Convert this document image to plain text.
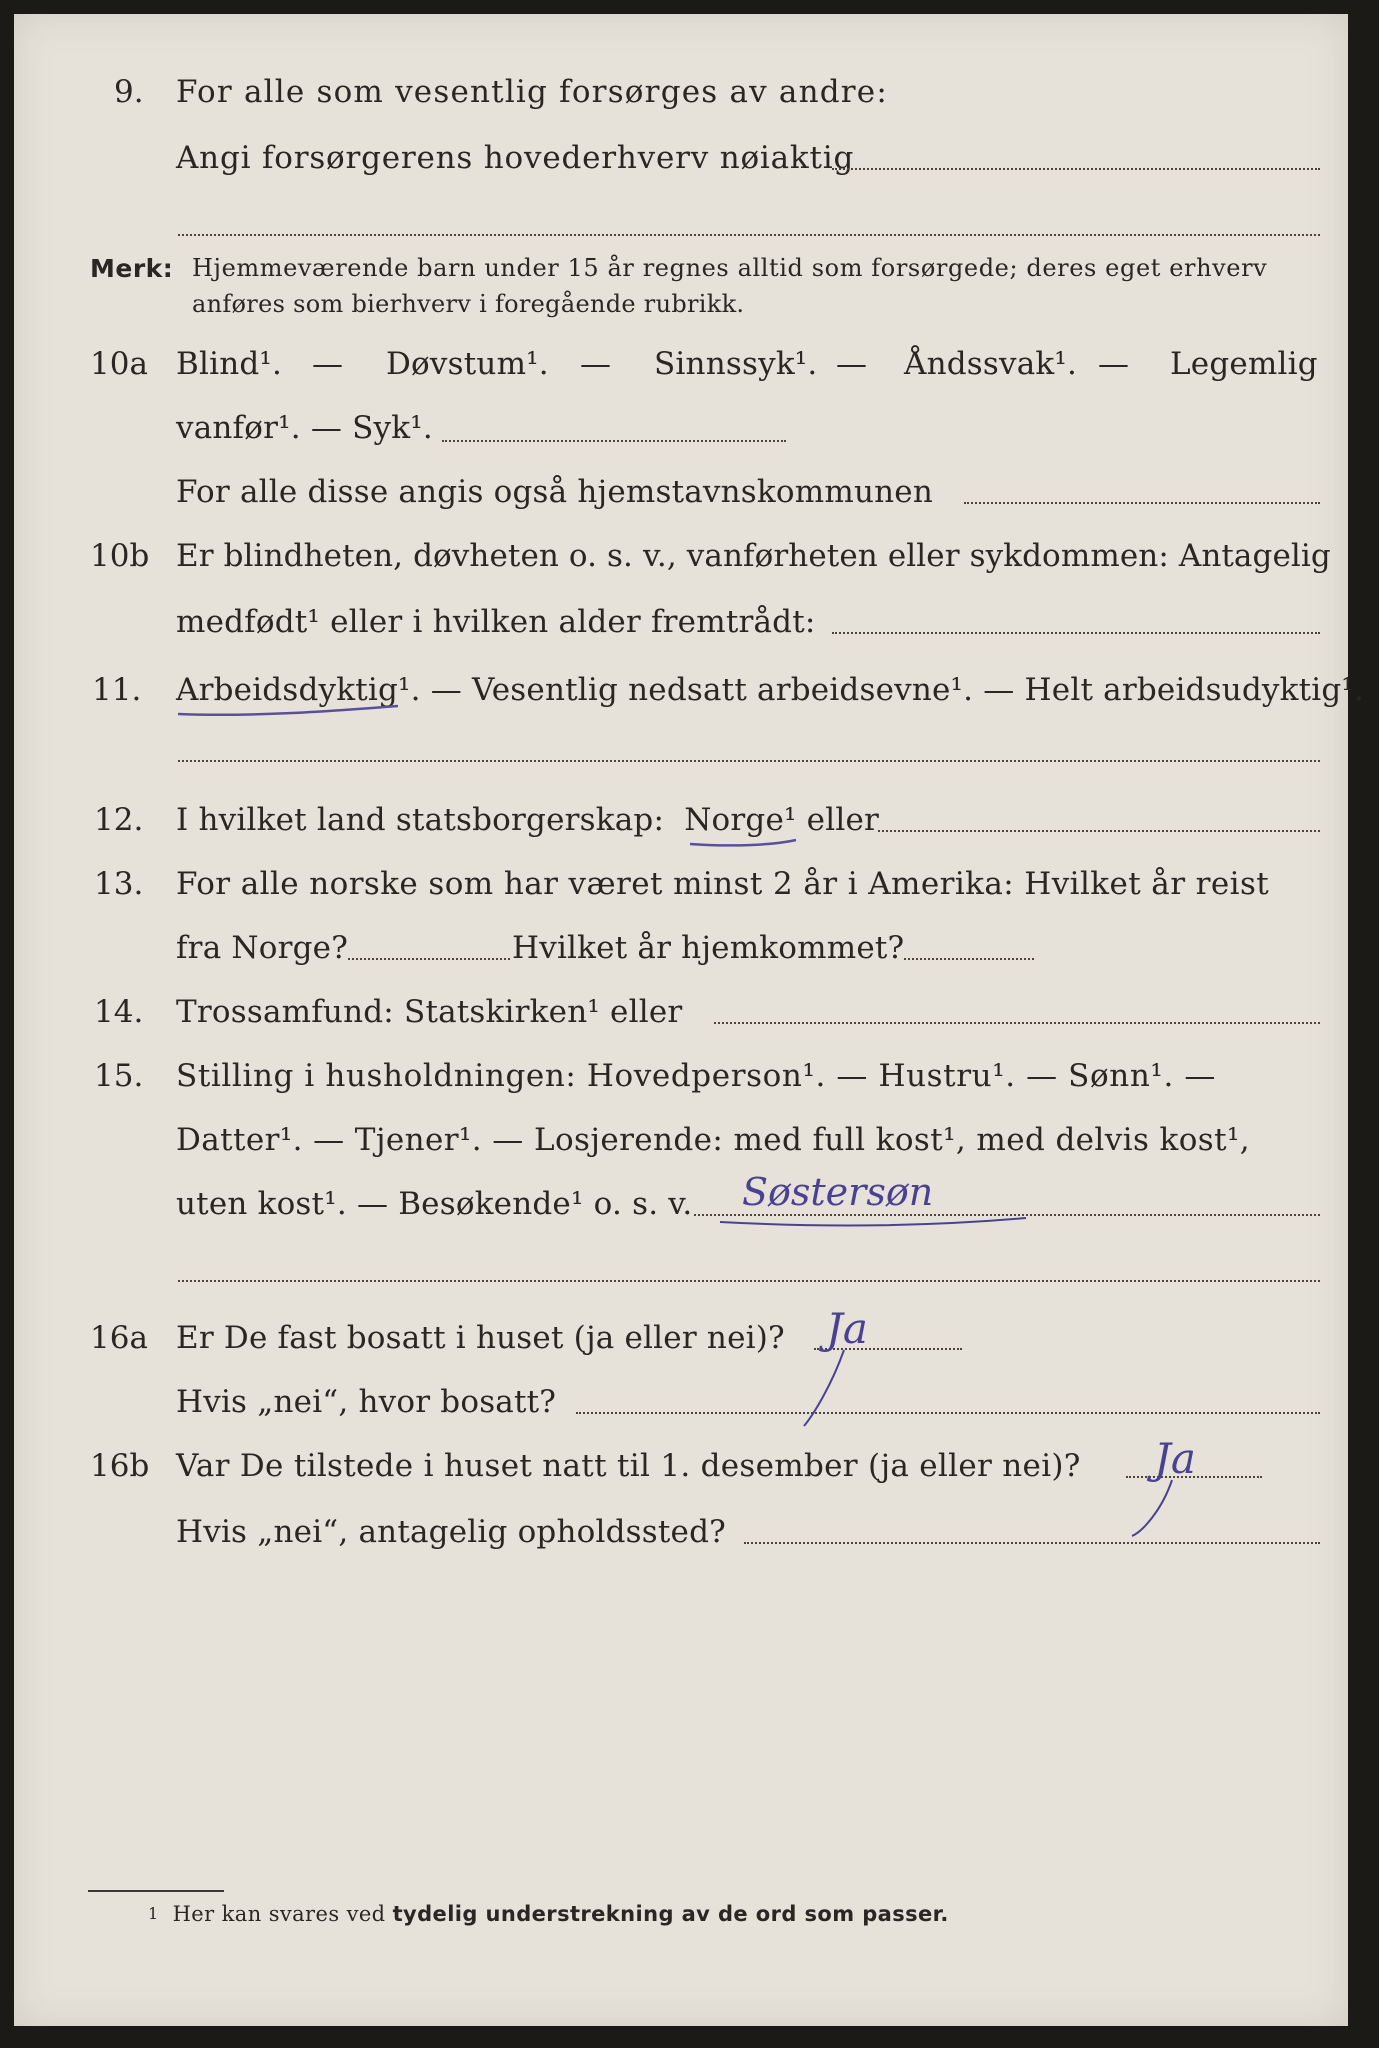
9. For alle som vesentlig forsørges av andre:
Angi forsørgerens hovederhverv nøiaktig
Merk: Hjemmeværende barn under 15 år regnes alltid som forsørgede; deres eget erhverv
anføres som bierhverv i foregående rubrikk.
10a Blind¹. — Døvstum¹. — Sinnssyk¹. — Åndssvak¹. — Legemlig
vanfør¹. — Syk¹.
For alle disse angis også hjemstavnskommunen
10b Er blindheten, døvheten o. s. v., vanførheten eller sykdommen: Antagelig
medfødt¹ eller i hvilken alder fremtrådt:
11. Arbeidsdyktig¹. — Vesentlig nedsatt arbeidsevne¹. — Helt arbeidsudyktig¹.
12. I hvilket land statsborgerskap: Norge¹ eller
13. For alle norske som har været minst 2 år i Amerika: Hvilket år reist
fra Norge?	Hvilket år hjemkommet?
14. Trossamfund: Statskirken¹ eller
15. Stilling i husholdningen: Hovedperson¹. — Hustru¹. — Sønn¹. —
Datter¹. — Tjener¹. — Losjerende: med full kost¹, med delvis kost¹,
uten kost¹. — Besøkende¹ o. s. v. Søstersøn
16a Er De fast bosatt i huset (ja eller nei)? Ja
Hvis „nei“, hvor bosatt?
16b Var De tilstede i huset natt til 1. desember (ja eller nei)? Ja
Hvis „nei“, antagelig opholdssted?
1 Her kan svares ved tydelig understrekning av de ord som passer.
